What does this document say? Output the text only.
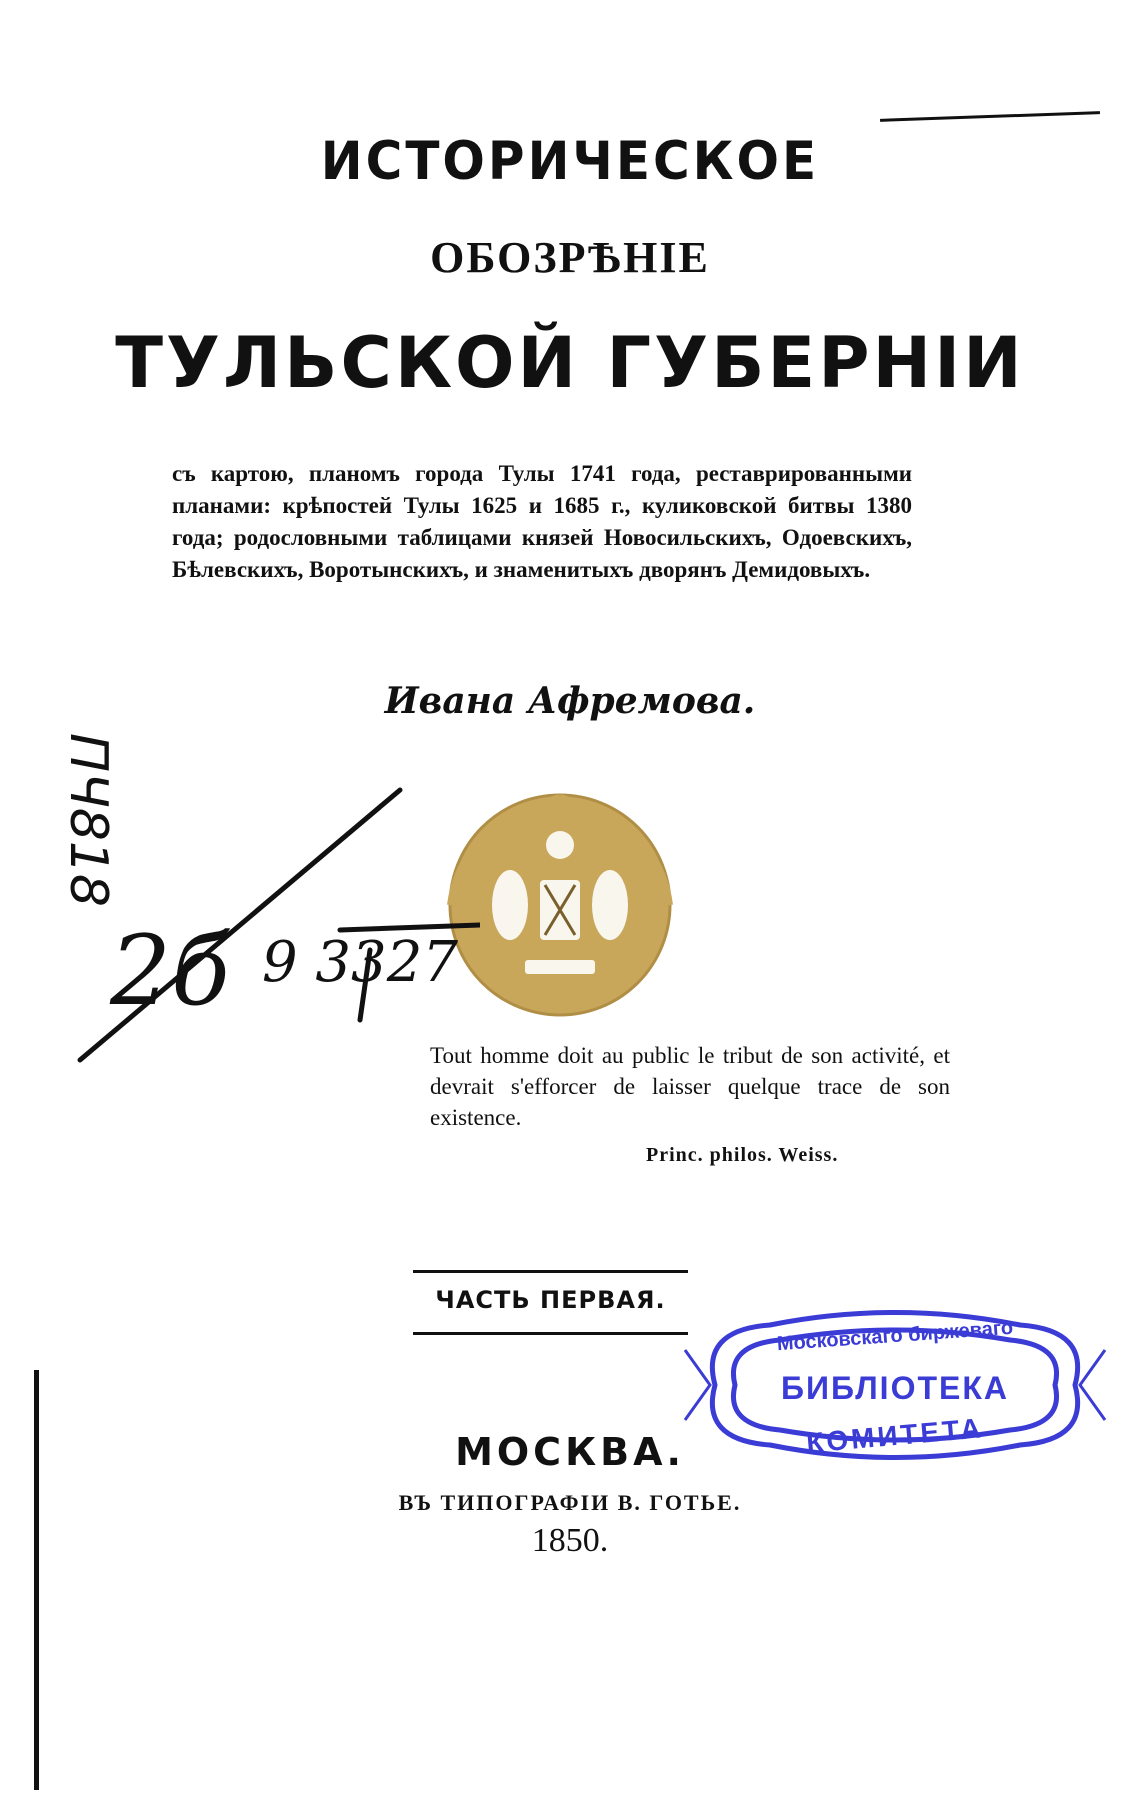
ИСТОРИЧЕСКОЕ
ОБОЗРѢНІЕ
ТУЛЬСКОЙ ГУБЕРНІИ
съ картою, планомъ города Тулы 1741 года, реставрированными планами: крѣпостей Тулы 1625 и 1685 г., куликовской битвы 1380 года; родословными таблицами князей Новосильскихъ, Одоевскихъ, Бѣлевскихъ, Воротынскихъ, и знаменитыхъ дворянъ Демидовыхъ.
Ивана Афремова.
ПЧ818
2б 9 3327
Tout homme doit au public le tribut de son activité, et devrait s'efforcer de laisser quelque trace de son existence.
Princ. philos. Weiss.
ЧАСТЬ ПЕРВАЯ.
Московскаго биржеваго
БИБЛІОТЕКА
КОМИТЕТА
МОСКВА.
ВЪ ТИПОГРАФІИ В. ГОТЬЕ.
1850.
